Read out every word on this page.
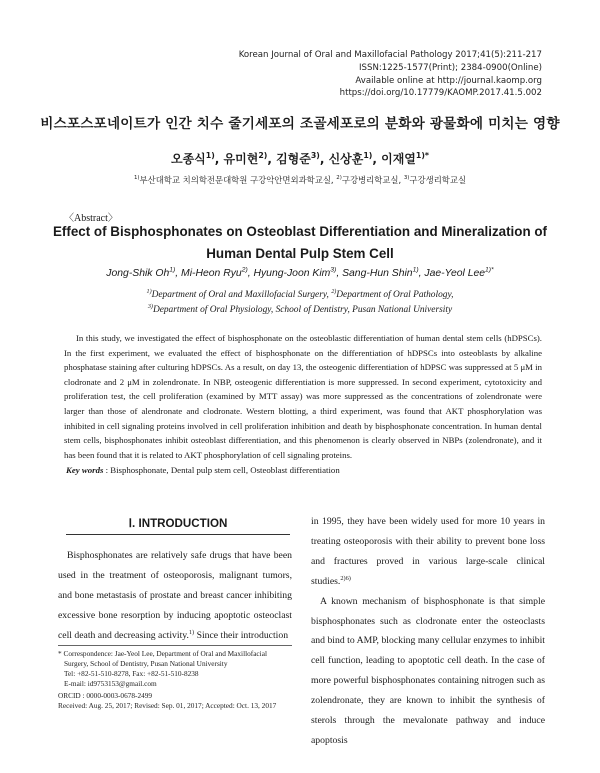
Korean Journal of Oral and Maxillofacial Pathology 2017;41(5):211-217
ISSN:1225-1577(Print); 2384-0900(Online)
Available online at http://journal.kaomp.org
https://doi.org/10.17779/KAOMP.2017.41.5.002
비스포스포네이트가 인간 치수 줄기세포의 조골세포로의 분화와 광물화에 미치는 영향
오종식$^{1)}$, 유미현$^{2)}$, 김형준$^{3)}$, 신상훈$^{1)}$, 이재열$^{1)*}$
$^{1)}$부산대학교 치의학전문대학원 구강악안면외과학교실, $^{2)}$구강병리학교실, $^{3)}$구강생리학교실
〈Abstract〉
Effect of Bisphosphonates on Osteoblast Differentiation and Mineralization of
Human Dental Pulp Stem Cell
Jong-Shik Oh$^{1)}$, Mi-Heon Ryu$^{2)}$, Hyung-Joon Kim$^{3)}$, Sang-Hun Shin$^{1)}$, Jae-Yeol Lee$^{1)*}$
$^{1)}$Department of Oral and Maxillofacial Surgery, $^{2)}$Department of Oral Pathology,
$^{3)}$Department of Oral Physiology, School of Dentistry, Pusan National University
In this study, we investigated the effect of bisphosphonate on the osteoblastic differentiation of human dental stem cells (hDPSCs). In the first experiment, we evaluated the effect of bisphosphonate on the differentiation of hDPSCs into osteoblasts by alkaline phosphatase staining after culturing hDPSCs. As a result, on day 13, the osteogenic differentiation of hDPSC was suppressed at 5 μM in clodronate and 2 μM in zolendronate. In NBP, osteogenic differentiation is more suppressed. In second experiment, cytotoxicity and proliferation test, the cell proliferation (examined by MTT assay) was more suppressed as the concentrations of zolendronate were larger than those of alendronate and clodronate. Western blotting, a third experiment, was found that AKT phosphorylation was inhibited in cell signaling proteins involved in cell proliferation inhibition and death by bisphosphonate concentration. In human dental stem cells, bisphosphonates inhibit osteoblast differentiation, and this phenomenon is clearly observed in NBPs (zolendronate), and it has been found that it is related to AKT phosphorylation of cell signaling proteins.
Key words : Bisphosphonate, Dental pulp stem cell, Osteoblast differentiation
Ⅰ. INTRODUCTION
Bisphosphonates are relatively safe drugs that have been used in the treatment of osteoporosis, malignant tumors, and bone metastasis of prostate and breast cancer inhibiting excessive bone resorption by inducing apoptotic osteoclast cell death and decreasing activity.$^{1)}$ Since their introduction

in 1995, they have been widely used for more 10 years in treating osteoporosis with their ability to prevent bone loss and fractures proved in various large-scale clinical studies.$^{2)6)}$

A known mechanism of bisphosphonate is that simple bisphosphonates such as clodronate enter the osteoclasts and bind to AMP, blocking many cellular enzymes to inhibit cell function, leading to apoptotic cell death. In the case of more powerful bisphosphonates containing nitrogen such as zolendronate, they are known to inhibit the synthesis of sterols through the mevalonate pathway and induce apoptosis

* Correspondence: Jae-Yeol Lee, Department of Oral and Maxillofacial
Surgery, School of Dentistry, Pusan National University
Tel: +82-51-510-8278, Fax: +82-51-510-8238
E-mail: id9753153@gmail.com
ORCID : 0000-0003-0678-2499
Received: Aug. 25, 2017; Revised: Sep. 01, 2017; Accepted: Oct. 13, 2017
